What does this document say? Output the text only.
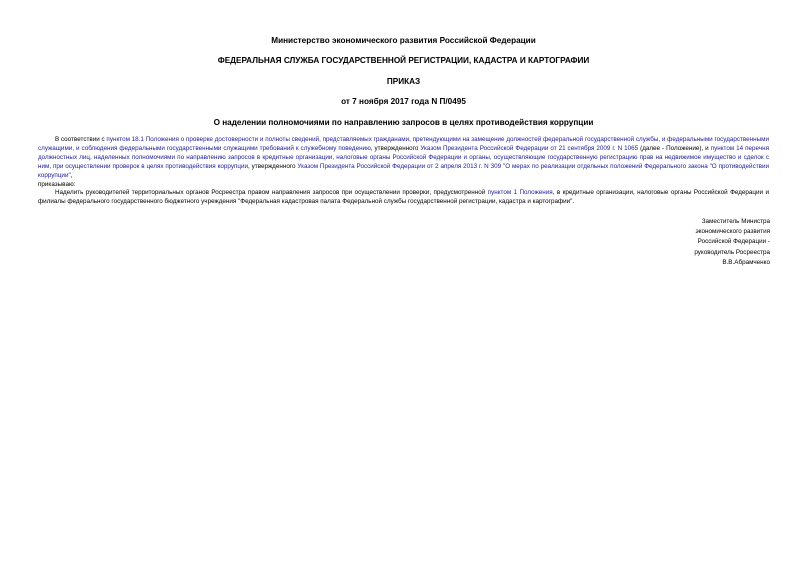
Министерство экономического развития Российской Федерации

ФЕДЕРАЛЬНАЯ СЛУЖБА ГОСУДАРСТВЕННОЙ РЕГИСТРАЦИИ, КАДАСТРА И КАРТОГРАФИИ

ПРИКАЗ

от 7 ноября 2017 года N П/0495

О наделении полномочиями по направлению запросов в целях противодействия коррупции

В соответствии с пунктом 18.1 Положения о проверке достоверности и полноты сведений, представляемых гражданами, претендующими на замещение должностей федеральной государственной службы, и федеральными государственными служащими, и соблюдения федеральными государственными служащими требований к служебному поведению, утвержденного Указом Президента Российской Федерации от 21 сентября 2009 г. N 1065 (далее - Положение), и пунктом 14 перечня должностных лиц, наделенных полномочиями по направлению запросов в кредитные организации, налоговые органы Российской Федерации и органы, осуществляющие государственную регистрацию прав на недвижимое имущество и сделок с ним, при осуществлении проверок в целях противодействия коррупции, утвержденного Указом Президента Российской Федерации от 2 апреля 2013 г. N 309 "О мерах по реализации отдельных положений Федерального закона "О противодействии коррупции",

приказываю:

Наделить руководителей территориальных органов Росреестра правом направления запросов при осуществлении проверки, предусмотренной пунктом 1 Положения, в кредитные организации, налоговые органы Российской Федерации и филиалы федерального государственного бюджетного учреждения "Федеральная кадастровая палата Федеральной службы государственной регистрации, кадастра и картографии".

Заместитель Министра
экономического развития
Российской Федерации -
руководитель Росреестра
В.В.Абрамченко
